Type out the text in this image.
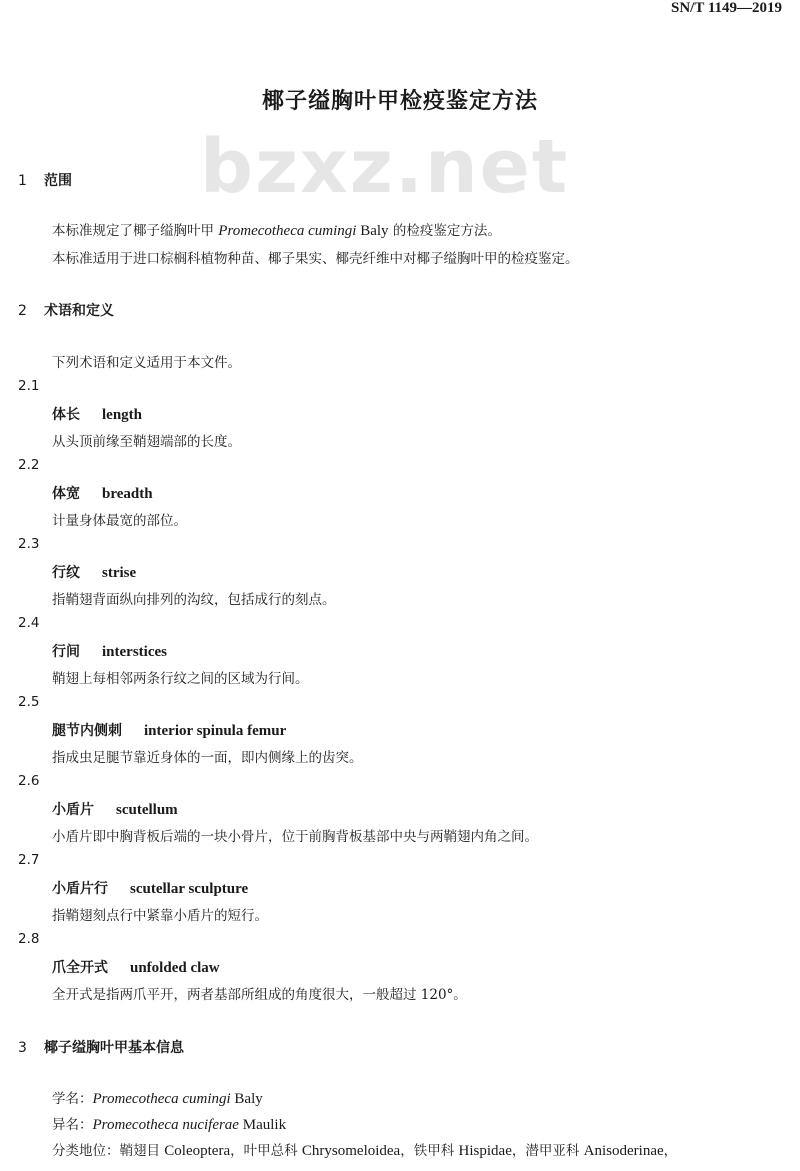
SN/T 1149—2019
bzxz.net
椰子缢胸叶甲检疫鉴定方法
1 范围
本标准规定了椰子缢胸叶甲 Promecotheca cumingi Baly 的检疫鉴定方法。
本标准适用于进口棕榈科植物种苗、椰子果实、椰壳纤维中对椰子缢胸叶甲的检疫鉴定。
2 术语和定义
下列术语和定义适用于本文件。
2.1
体长 length
从头顶前缘至鞘翅端部的长度。
2.2
体宽 breadth
计量身体最宽的部位。
2.3
行纹 strise
指鞘翅背面纵向排列的沟纹，包括成行的刻点。
2.4
行间 interstices
鞘翅上每相邻两条行纹之间的区域为行间。
2.5
腿节内侧刺 interior spinula femur
指成虫足腿节靠近身体的一面，即内侧缘上的齿突。
2.6
小盾片 scutellum
小盾片即中胸背板后端的一块小骨片，位于前胸背板基部中央与两鞘翅内角之间。
2.7
小盾片行 scutellar sculpture
指鞘翅刻点行中紧靠小盾片的短行。
2.8
爪全开式 unfolded claw
全开式是指两爪平开，两者基部所组成的角度很大，一般超过 120°。
3 椰子缢胸叶甲基本信息
学名：Promecotheca cumingi Baly
异名：Promecotheca nuciferae Maulik
分类地位：鞘翅目 Coleoptera，叶甲总科 Chrysomeloidea，铁甲科 Hispidae，潜甲亚科 Anisoderinae，
